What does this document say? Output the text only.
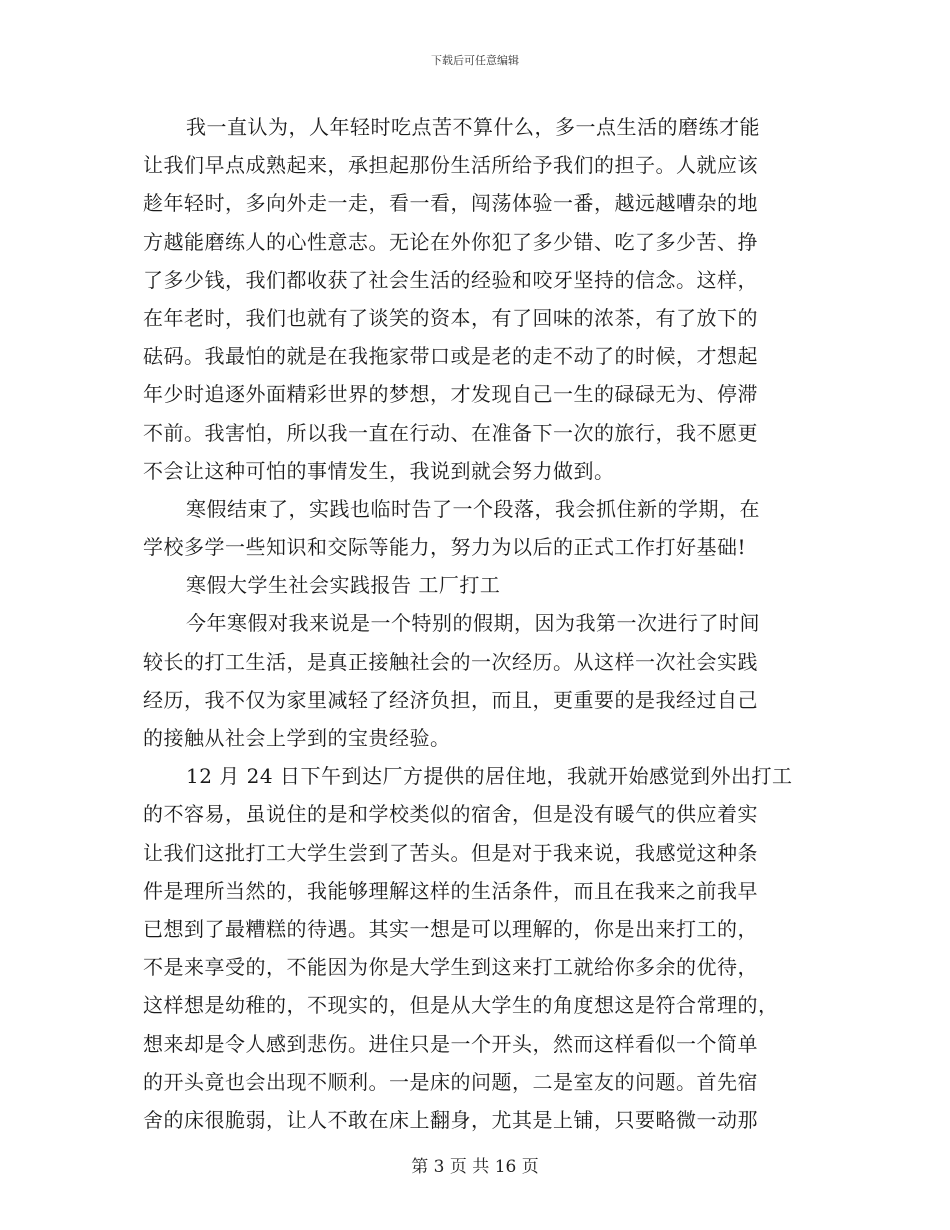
下载后可任意编辑
我一直认为，人年轻时吃点苦不算什么，多一点生活的磨练才能
让我们早点成熟起来，承担起那份生活所给予我们的担子。人就应该
趁年轻时，多向外走一走，看一看，闯荡体验一番，越远越嘈杂的地
方越能磨练人的心性意志。无论在外你犯了多少错、吃了多少苦、挣
了多少钱，我们都收获了社会生活的经验和咬牙坚持的信念。这样，
在年老时，我们也就有了谈笑的资本，有了回味的浓茶，有了放下的
砝码。我最怕的就是在我拖家带口或是老的走不动了的时候，才想起
年少时追逐外面精彩世界的梦想，才发现自己一生的碌碌无为、停滞
不前。我害怕，所以我一直在行动、在准备下一次的旅行，我不愿更
不会让这种可怕的事情发生，我说到就会努力做到。
寒假结束了，实践也临时告了一个段落，我会抓住新的学期，在
学校多学一些知识和交际等能力，努力为以后的正式工作打好基础!
寒假大学生社会实践报告 工厂打工
今年寒假对我来说是一个特别的假期，因为我第一次进行了时间
较长的打工生活，是真正接触社会的一次经历。从这样一次社会实践
经历，我不仅为家里减轻了经济负担，而且，更重要的是我经过自己
的接触从社会上学到的宝贵经验。
12 月 24 日下午到达厂方提供的居住地，我就开始感觉到外出打工
的不容易，虽说住的是和学校类似的宿舍，但是没有暖气的供应着实
让我们这批打工大学生尝到了苦头。但是对于我来说，我感觉这种条
件是理所当然的，我能够理解这样的生活条件，而且在我来之前我早
已想到了最糟糕的待遇。其实一想是可以理解的，你是出来打工的，
不是来享受的，不能因为你是大学生到这来打工就给你多余的优待，
这样想是幼稚的，不现实的，但是从大学生的角度想这是符合常理的，
想来却是令人感到悲伤。进住只是一个开头，然而这样看似一个简单
的开头竟也会出现不顺利。一是床的问题，二是室友的问题。首先宿
舍的床很脆弱，让人不敢在床上翻身，尤其是上铺，只要略微一动那
第 3 页 共 16 页
